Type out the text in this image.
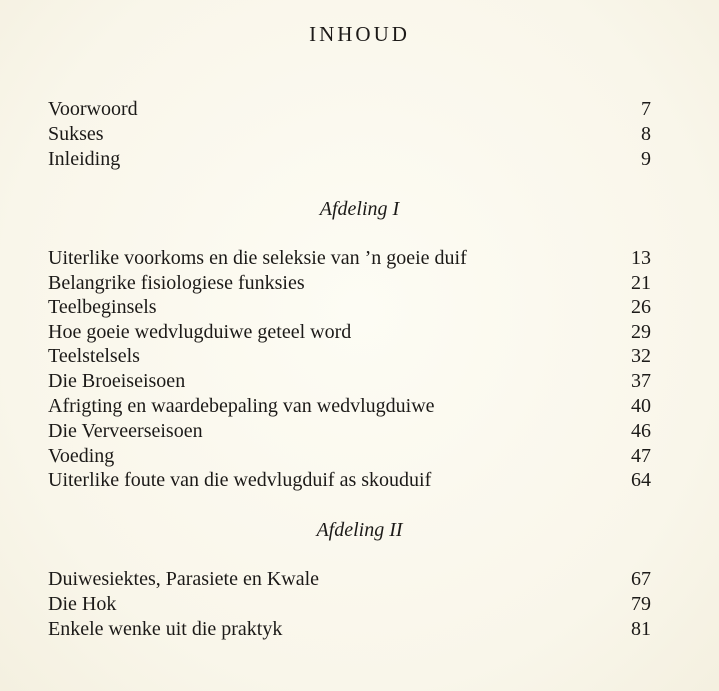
INHOUD
Voorwoord	7
Sukses	8
Inleiding	9
Afdeling I
Uiterlike voorkoms en die seleksie van ’n goeie duif	13
Belangrike fisiologiese funksies	21
Teelbeginsels	26
Hoe goeie wedvlugduiwe geteel word	29
Teelstelsels	32
Die Broeiseisoen	37
Afrigting en waardebepaling van wedvlugduiwe	40
Die Verveerseisoen	46
Voeding	47
Uiterlike foute van die wedvlugduif as skouduif	64
Afdeling II
Duiwesiektes, Parasiete en Kwale	67
Die Hok	79
Enkele wenke uit die praktyk	81
